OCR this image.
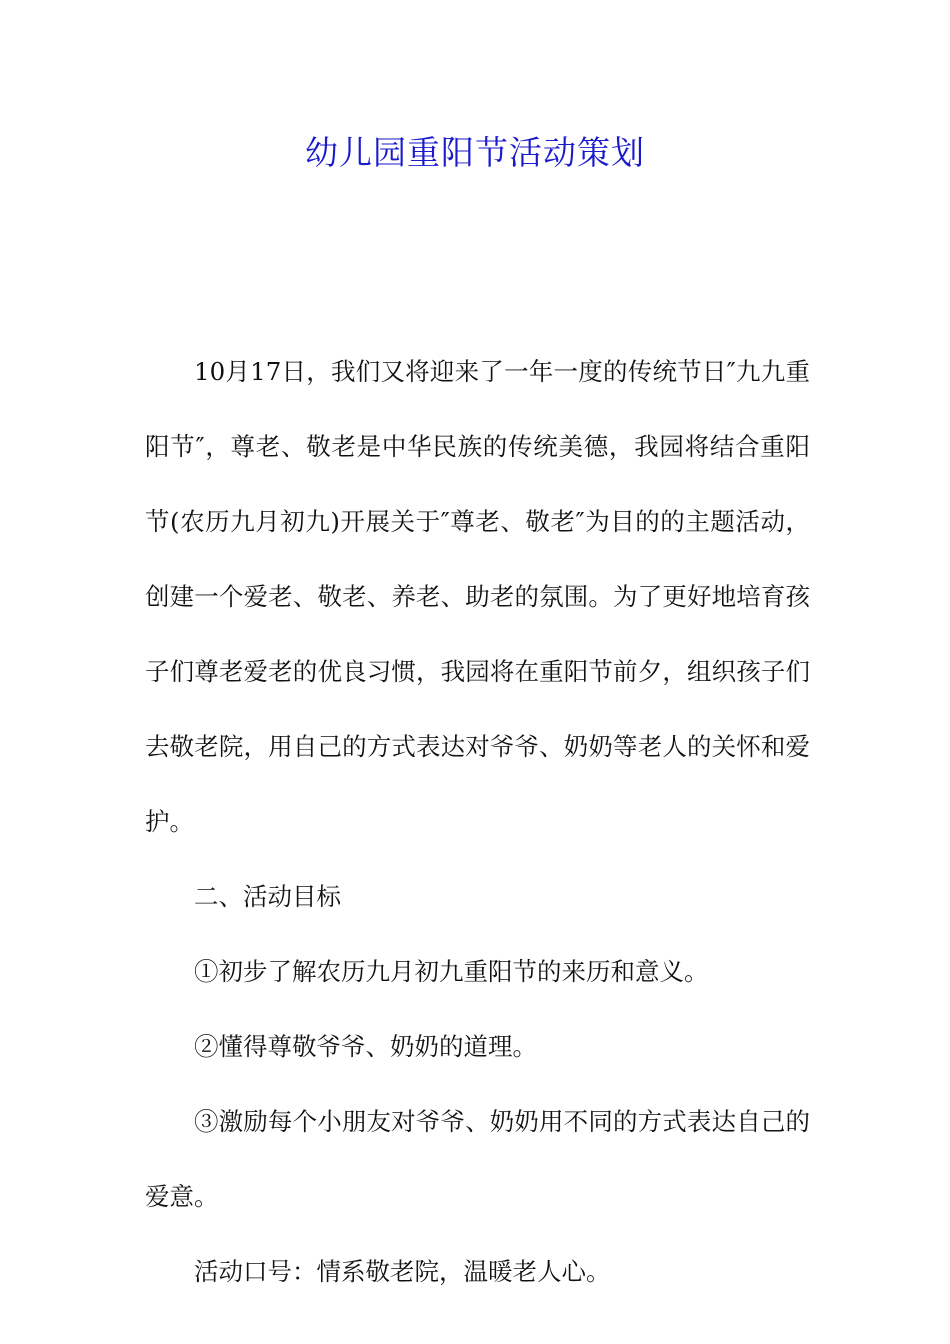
幼儿园重阳节活动策划

10月17日，我们又将迎来了一年一度的传统节日″九九重阳节″，尊老、敬老是中华民族的传统美德，我园将结合重阳节(农历九月初九)开展关于″尊老、敬老″为目的的主题活动，创建一个爱老、敬老、养老、助老的氛围。为了更好地培育孩子们尊老爱老的优良习惯，我园将在重阳节前夕，组织孩子们去敬老院，用自己的方式表达对爷爷、奶奶等老人的关怀和爱护。

二、活动目标

①初步了解农历九月初九重阳节的来历和意义。

②懂得尊敬爷爷、奶奶的道理。

③激励每个小朋友对爷爷、奶奶用不同的方式表达自己的爱意。

活动口号：情系敬老院，温暖老人心。
